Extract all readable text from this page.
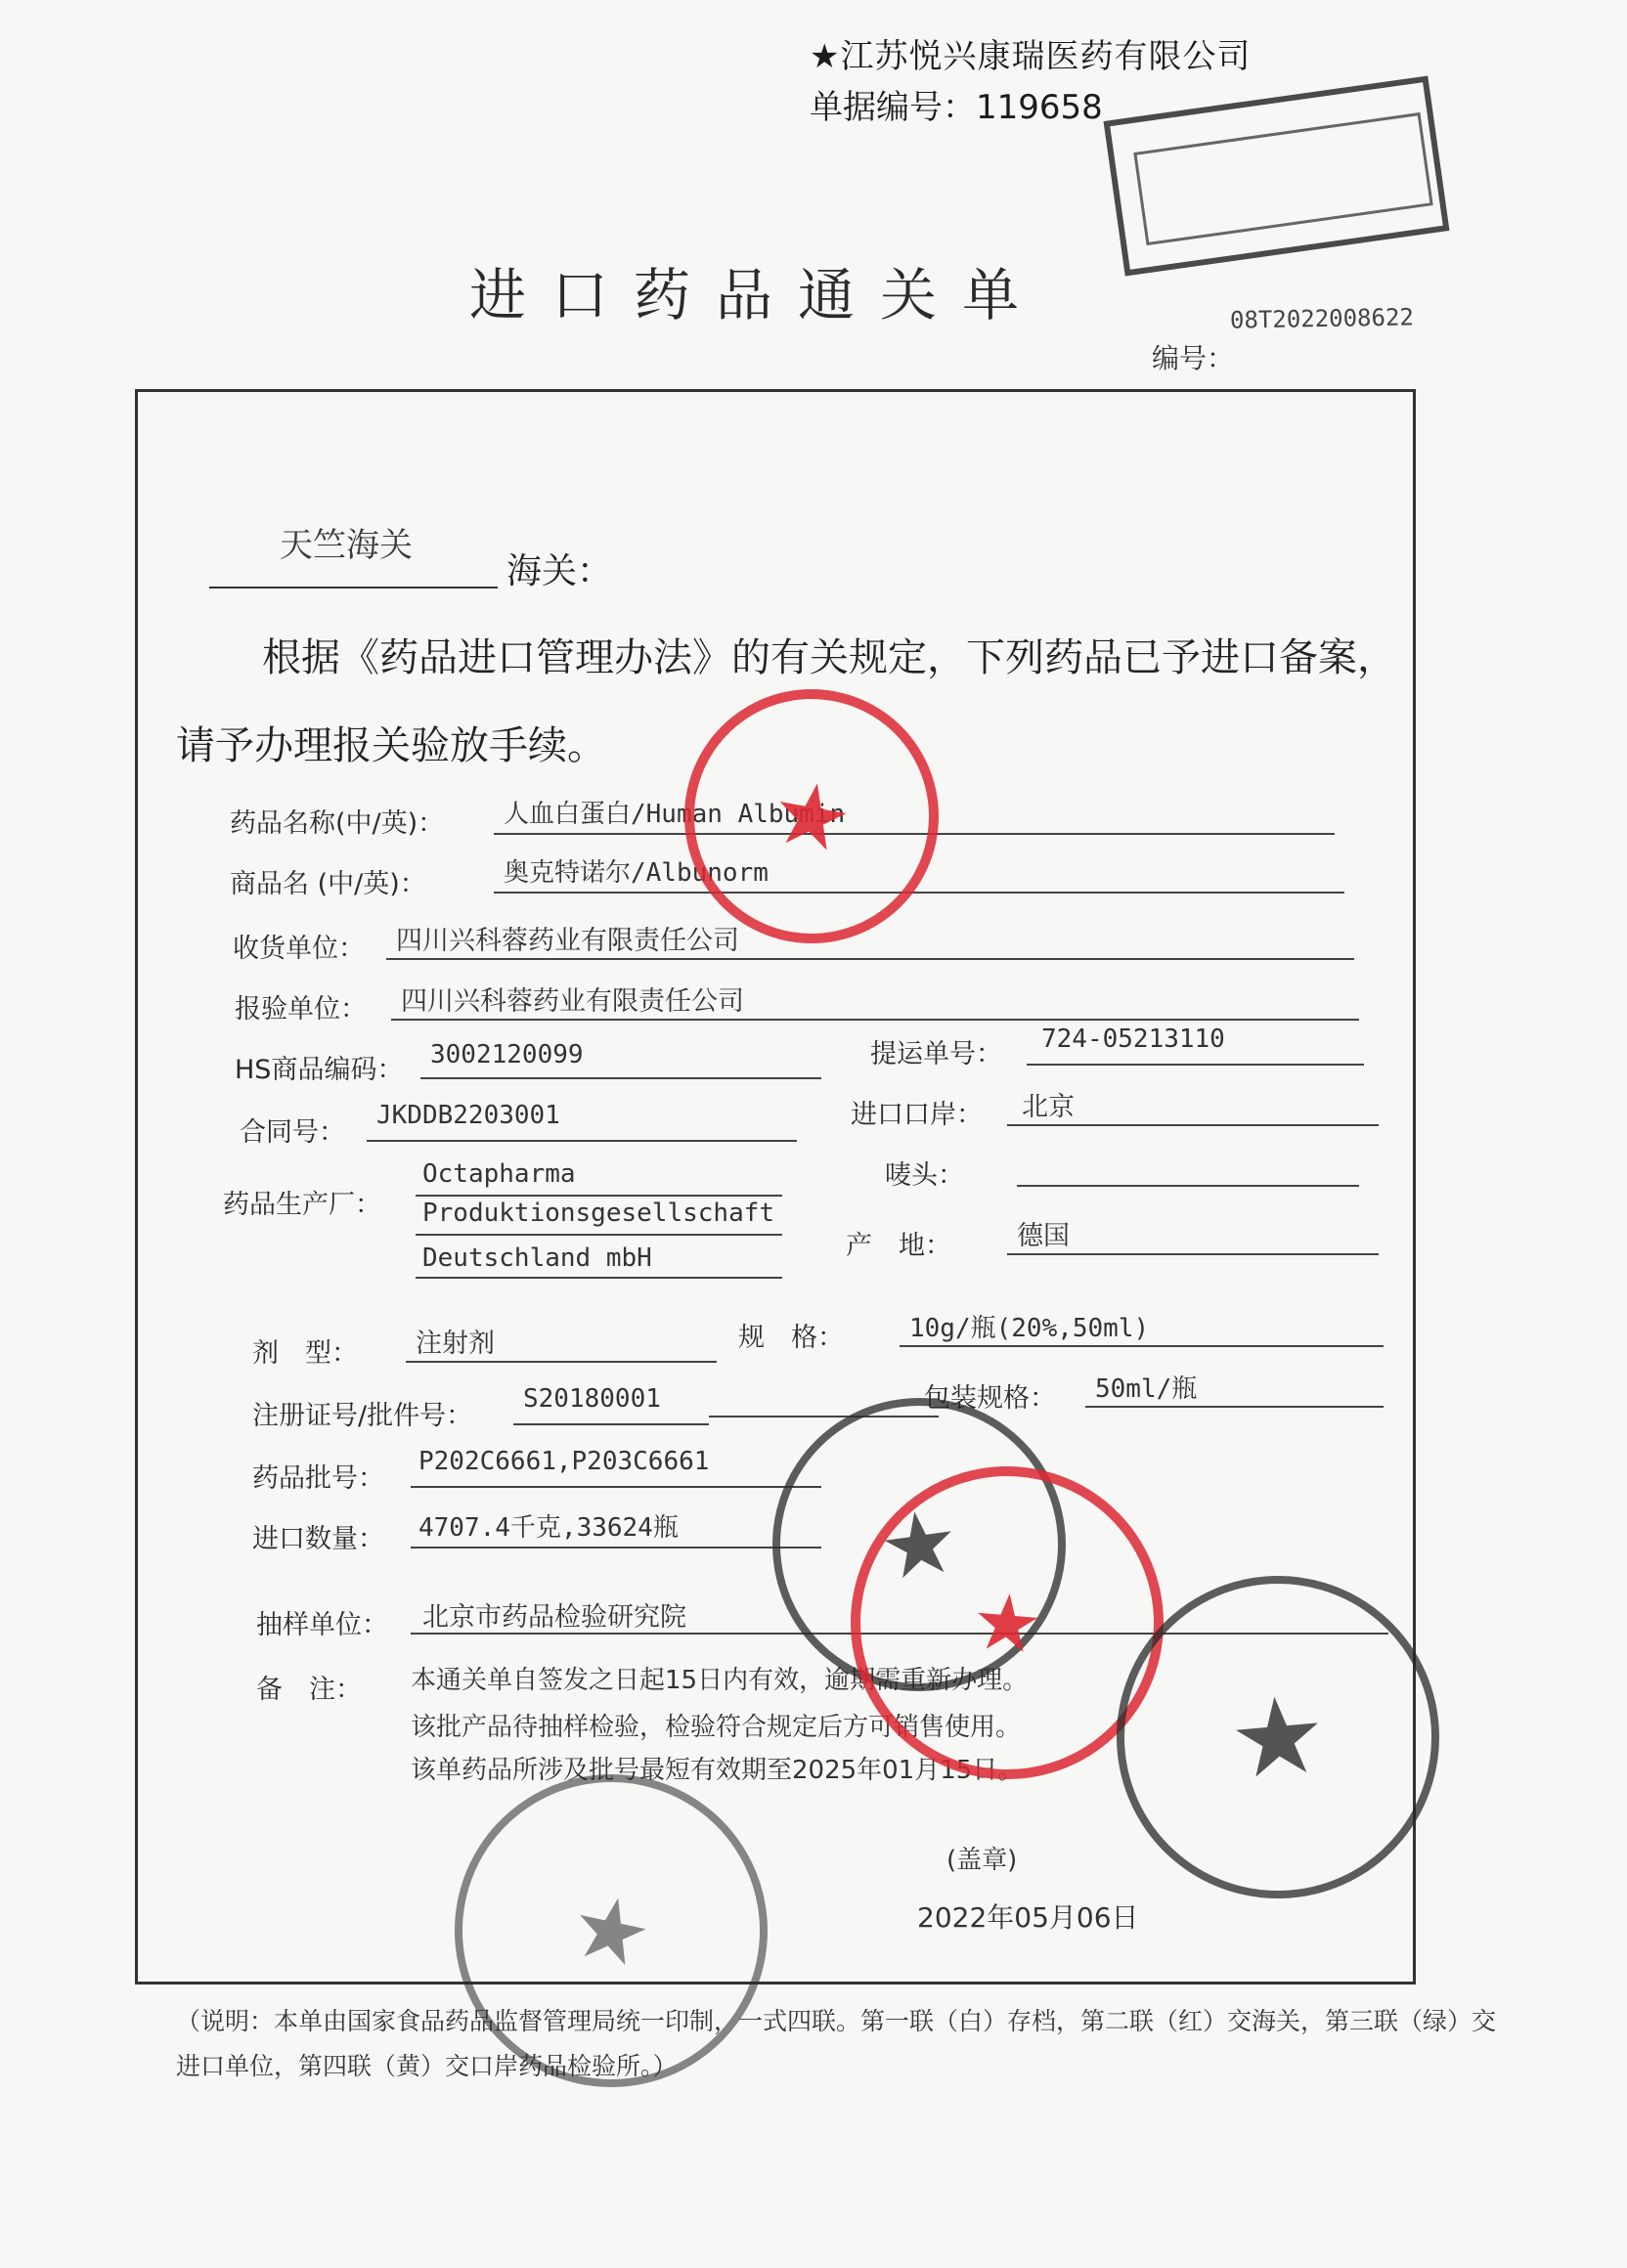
★江苏悦兴康瑞医药有限公司
单据编号：119658
进口药品通关单	08T2022008622
编号：
天竺海关
海关：
根据《药品进口管理办法》的有关规定，下列药品已予进口备案，请予办理报关验放手续。
药品名称(中/英)： 人血白蛋白/Human Albumin
商品名 (中/英)：	奥克特诺尔/Albunorm
收货单位： 四川兴科蓉药业有限责任公司
报验单位： 四川兴科蓉药业有限责任公司
HS商品编码： 3002120099	提运单号： 724-05213110
合同号：
JKDDB2203001	进口口岸： 北京
药品生产厂：
Octapharma
Produktionsgesellschaft
Deutschland mbH
唛头：
产　地： 德国
剂　型： 注射剂	规　格：	10g/瓶(20%,50ml)
注册证号/批件号：
S20180001	包装规格： 50ml/瓶
药品批号：
P202C6661,P203C6661
进口数量： 4707.4千克,33624瓶
抽样单位： 北京市药品检验研究院
备　注： 本通关单自签发之日起15日内有效，逾期需重新办理。
该批产品待抽样检验，检验符合规定后方可销售使用。
该单药品所涉及批号最短有效期至2025年01月15日。
(盖章)
2022年05月06日
（说明：本单由国家食品药品监督管理局统一印制，一式四联。第一联（白）存档，第二联（红）交海关，第三联（绿）交进口单位，第四联（黄）交口岸药品检验所。）
★
★
★
★
★
